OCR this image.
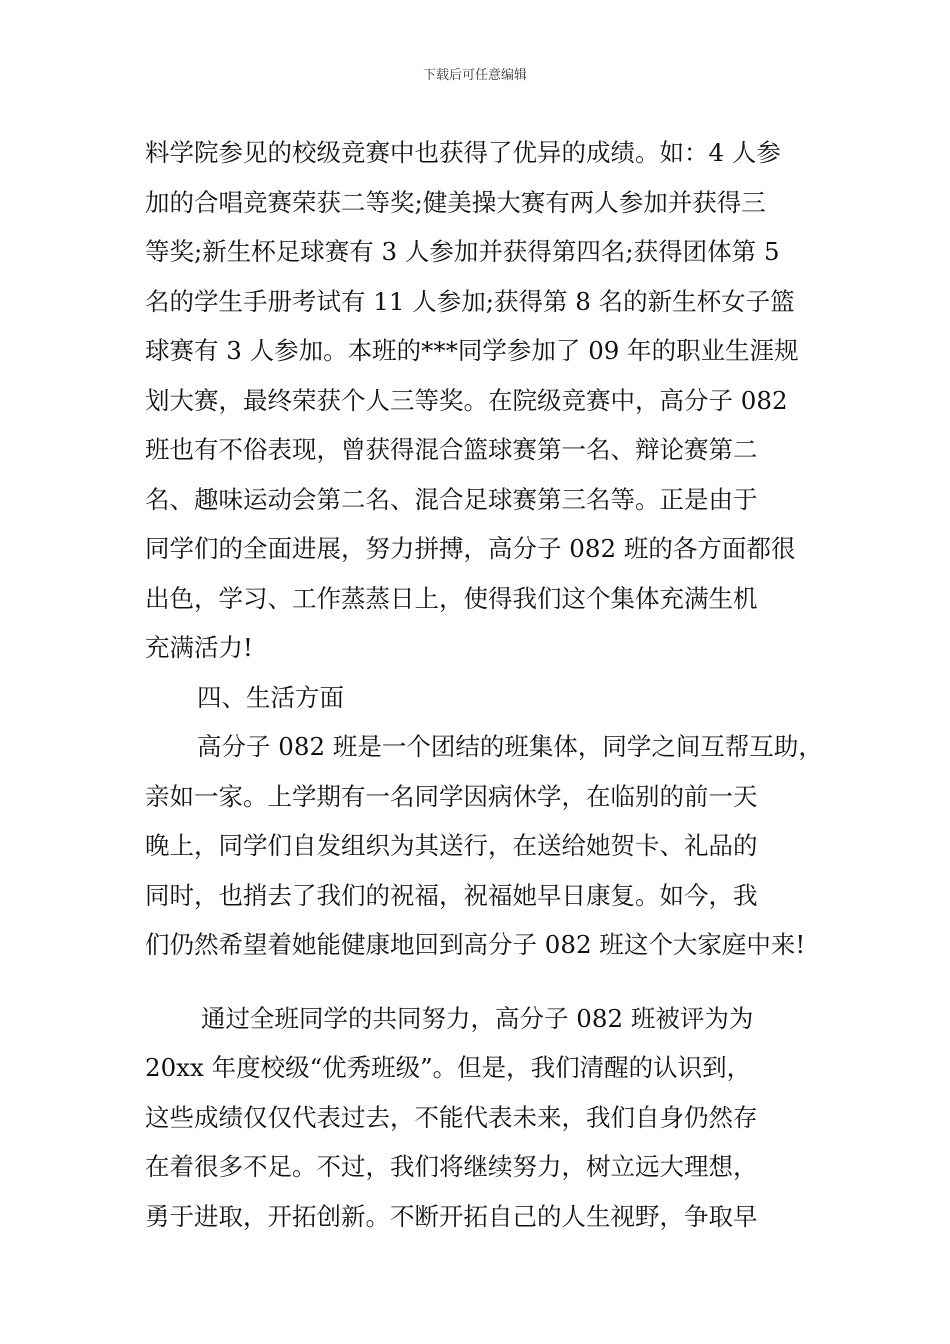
下载后可任意编辑
料学院参见的校级竞赛中也获得了优异的成绩。如：4 人参
加的合唱竞赛荣获二等奖;健美操大赛有两人参加并获得三
等奖;新生杯足球赛有 3 人参加并获得第四名;获得团体第 5
名的学生手册考试有 11 人参加;获得第 8 名的新生杯女子篮
球赛有 3 人参加。本班的***同学参加了 09 年的职业生涯规
划大赛，最终荣获个人三等奖。在院级竞赛中，高分子 082
班也有不俗表现，曾获得混合篮球赛第一名、辩论赛第二
名、趣味运动会第二名、混合足球赛第三名等。正是由于
同学们的全面进展，努力拼搏，高分子 082 班的各方面都很
出色，学习、工作蒸蒸日上，使得我们这个集体充满生机
充满活力!
四、生活方面
高分子 082 班是一个团结的班集体，同学之间互帮互助，
亲如一家。上学期有一名同学因病休学，在临别的前一天
晚上，同学们自发组织为其送行，在送给她贺卡、礼品的
同时，也捎去了我们的祝福，祝福她早日康复。如今，我
们仍然希望着她能健康地回到高分子 082 班这个大家庭中来!
通过全班同学的共同努力，高分子 082 班被评为为
20xx 年度校级“优秀班级”。但是，我们清醒的认识到，
这些成绩仅仅代表过去，不能代表未来，我们自身仍然存
在着很多不足。不过，我们将继续努力，树立远大理想，
勇于进取，开拓创新。不断开拓自己的人生视野，争取早
